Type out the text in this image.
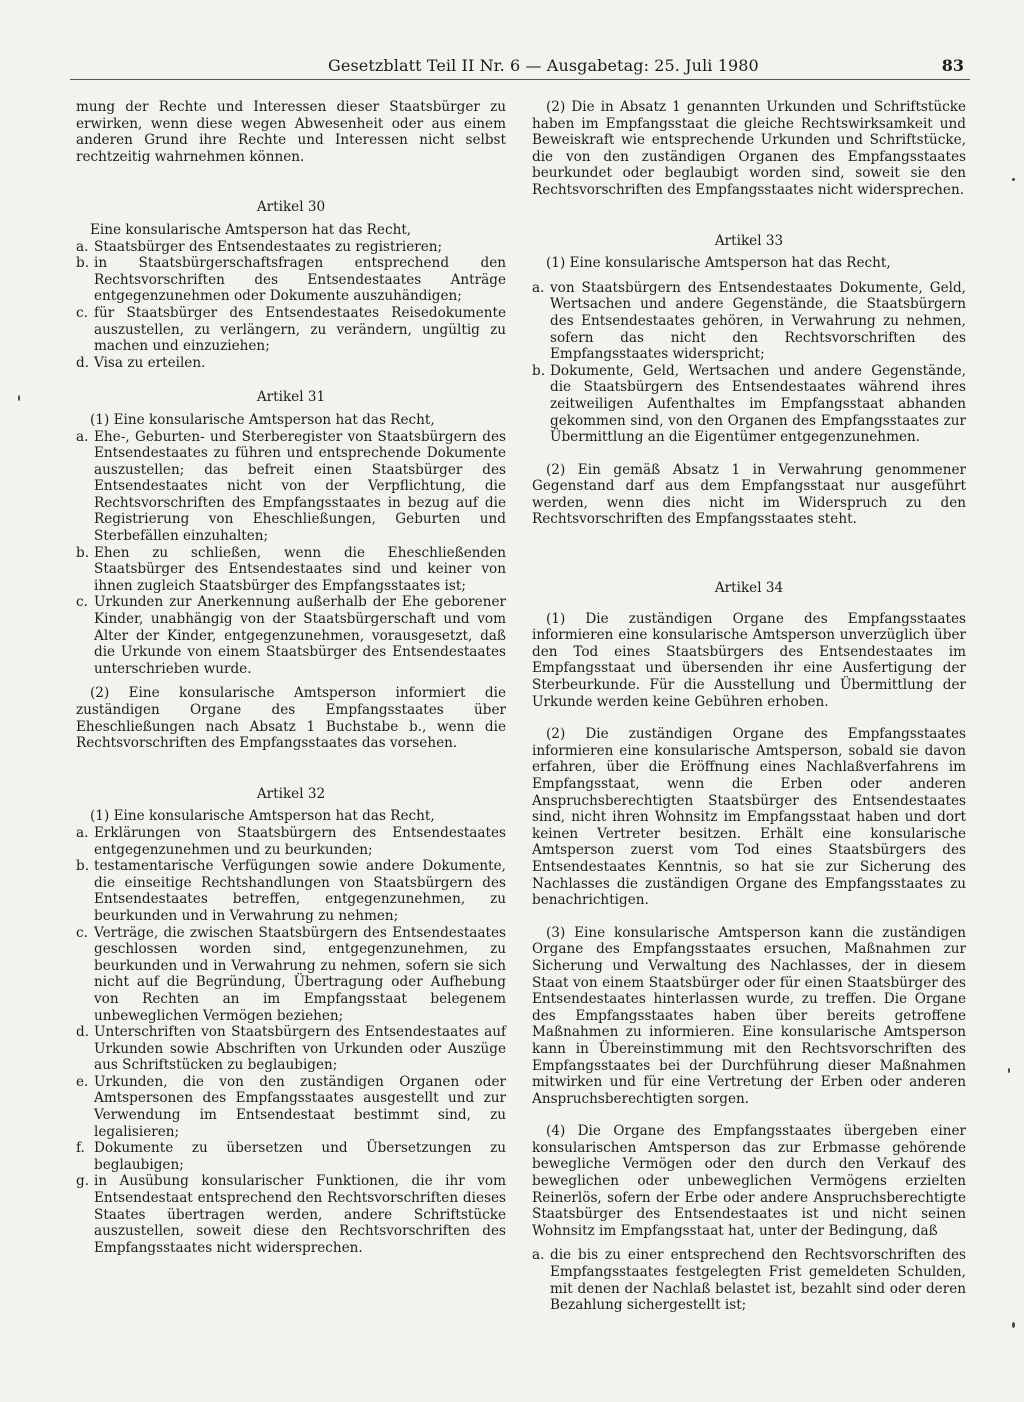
Gesetzblatt Teil II Nr. 6 — Ausgabetag: 25. Juli 1980	83

mung der Rechte und Interessen dieser Staatsbürger zu erwirken, wenn diese wegen Abwesenheit oder aus einem anderen Grund ihre Rechte und Interessen nicht selbst rechtzeitig wahrnehmen können.

Artikel 30

Eine konsularische Amtsperson hat das Recht,

a. Staatsbürger des Entsendestaates zu registrieren;
b. in Staatsbürgerschaftsfragen entsprechend den Rechtsvorschriften des Entsendestaates Anträge entgegenzunehmen oder Dokumente auszuhändigen;
c. für Staatsbürger des Entsendestaates Reisedokumente auszustellen, zu verlängern, zu verändern, ungültig zu machen und einzuziehen;
d. Visa zu erteilen.
Artikel 31

(1) Eine konsularische Amtsperson hat das Recht,

a. Ehe-, Geburten- und Sterberegister von Staatsbürgern des Entsendestaates zu führen und entsprechende Dokumente auszustellen; das befreit einen Staatsbürger des Entsendestaates nicht von der Verpflichtung, die Rechtsvorschriften des Empfangsstaates in bezug auf die Registrierung von Eheschließungen, Geburten und Sterbefällen einzuhalten;
b. Ehen zu schließen, wenn die Eheschließenden Staatsbürger des Entsendestaates sind und keiner von ihnen zugleich Staatsbürger des Empfangsstaates ist;
c. Urkunden zur Anerkennung außerhalb der Ehe geborener Kinder, unabhängig von der Staatsbürgerschaft und vom Alter der Kinder, entgegenzunehmen, vorausgesetzt, daß die Urkunde von einem Staatsbürger des Entsendestaates unterschrieben wurde.

(2) Eine konsularische Amtsperson informiert die zuständigen Organe des Empfangsstaates über Eheschließungen nach Absatz 1 Buchstabe b., wenn die Rechtsvorschriften des Empfangsstaates das vorsehen.

Artikel 32

(1) Eine konsularische Amtsperson hat das Recht,

a. Erklärungen von Staatsbürgern des Entsendestaates entgegenzunehmen und zu beurkunden;
b. testamentarische Verfügungen sowie andere Dokumente, die einseitige Rechtshandlungen von Staatsbürgern des Entsendestaates betreffen, entgegenzunehmen, zu beurkunden und in Verwahrung zu nehmen;
c. Verträge, die zwischen Staatsbürgern des Entsendestaates geschlossen worden sind, entgegenzunehmen, zu beurkunden und in Verwahrung zu nehmen, sofern sie sich nicht auf die Begründung, Übertragung oder Aufhebung von Rechten an im Empfangsstaat belegenem unbeweglichen Vermögen beziehen;
d. Unterschriften von Staatsbürgern des Entsendestaates auf Urkunden sowie Abschriften von Urkunden oder Auszüge aus Schriftstücken zu beglaubigen;
e. Urkunden, die von den zuständigen Organen oder Amtspersonen des Empfangsstaates ausgestellt und zur Verwendung im Entsendestaat bestimmt sind, zu legalisieren;
f. Dokumente zu übersetzen und Übersetzungen zu beglaubigen;
g. in Ausübung konsularischer Funktionen, die ihr vom Entsendestaat entsprechend den Rechtsvorschriften dieses Staates übertragen werden, andere Schriftstücke auszustellen, soweit diese den Rechtsvorschriften des Empfangsstaates nicht widersprechen.

(2) Die in Absatz 1 genannten Urkunden und Schriftstücke haben im Empfangsstaat die gleiche Rechtswirksamkeit und Beweiskraft wie entsprechende Urkunden und Schriftstücke, die von den zuständigen Organen des Empfangsstaates beurkundet oder beglaubigt worden sind, soweit sie den Rechtsvorschriften des Empfangsstaates nicht widersprechen.

Artikel 33

(1) Eine konsularische Amtsperson hat das Recht,

a. von Staatsbürgern des Entsendestaates Dokumente, Geld, Wertsachen und andere Gegenstände, die Staatsbürgern des Entsendestaates gehören, in Verwahrung zu nehmen, sofern das nicht den Rechtsvorschriften des Empfangsstaates widerspricht;
b. Dokumente, Geld, Wertsachen und andere Gegenstände, die Staatsbürgern des Entsendestaates während ihres zeitweiligen Aufenthaltes im Empfangsstaat abhanden gekommen sind, von den Organen des Empfangsstaates zur Übermittlung an die Eigentümer entgegenzunehmen.

(2) Ein gemäß Absatz 1 in Verwahrung genommener Gegenstand darf aus dem Empfangsstaat nur ausgeführt werden, wenn dies nicht im Widerspruch zu den Rechtsvorschriften des Empfangsstaates steht.

Artikel 34

(1) Die zuständigen Organe des Empfangsstaates informieren eine konsularische Amtsperson unverzüglich über den Tod eines Staatsbürgers des Entsendestaates im Empfangsstaat und übersenden ihr eine Ausfertigung der Sterbeurkunde. Für die Ausstellung und Übermittlung der Urkunde werden keine Gebühren erhoben.

(2) Die zuständigen Organe des Empfangsstaates informieren eine konsularische Amtsperson, sobald sie davon erfahren, über die Eröffnung eines Nachlaßverfahrens im Empfangsstaat, wenn die Erben oder anderen Anspruchsberechtigten Staatsbürger des Entsendestaates sind, nicht ihren Wohnsitz im Empfangsstaat haben und dort keinen Vertreter besitzen. Erhält eine konsularische Amtsperson zuerst vom Tod eines Staatsbürgers des Entsendestaates Kenntnis, so hat sie zur Sicherung des Nachlasses die zuständigen Organe des Empfangsstaates zu benachrichtigen.

(3) Eine konsularische Amtsperson kann die zuständigen Organe des Empfangsstaates ersuchen, Maßnahmen zur Sicherung und Verwaltung des Nachlasses, der in diesem Staat von einem Staatsbürger oder für einen Staatsbürger des Entsendestaates hinterlassen wurde, zu treffen. Die Organe des Empfangsstaates haben über bereits getroffene Maßnahmen zu informieren. Eine konsularische Amtsperson kann in Übereinstimmung mit den Rechtsvorschriften des Empfangsstaates bei der Durchführung dieser Maßnahmen mitwirken und für eine Vertretung der Erben oder anderen Anspruchsberechtigten sorgen.

(4) Die Organe des Empfangsstaates übergeben einer konsularischen Amtsperson das zur Erbmasse gehörende bewegliche Vermögen oder den durch den Verkauf des beweglichen oder unbeweglichen Vermögens erzielten Reinerlös, sofern der Erbe oder andere Anspruchsberechtigte Staatsbürger des Entsendestaates ist und nicht seinen Wohnsitz im Empfangsstaat hat, unter der Bedingung, daß

a. die bis zu einer entsprechend den Rechtsvorschriften des Empfangsstaates festgelegten Frist gemeldeten Schulden, mit denen der Nachlaß belastet ist, bezahlt sind oder deren Bezahlung sichergestellt ist;
